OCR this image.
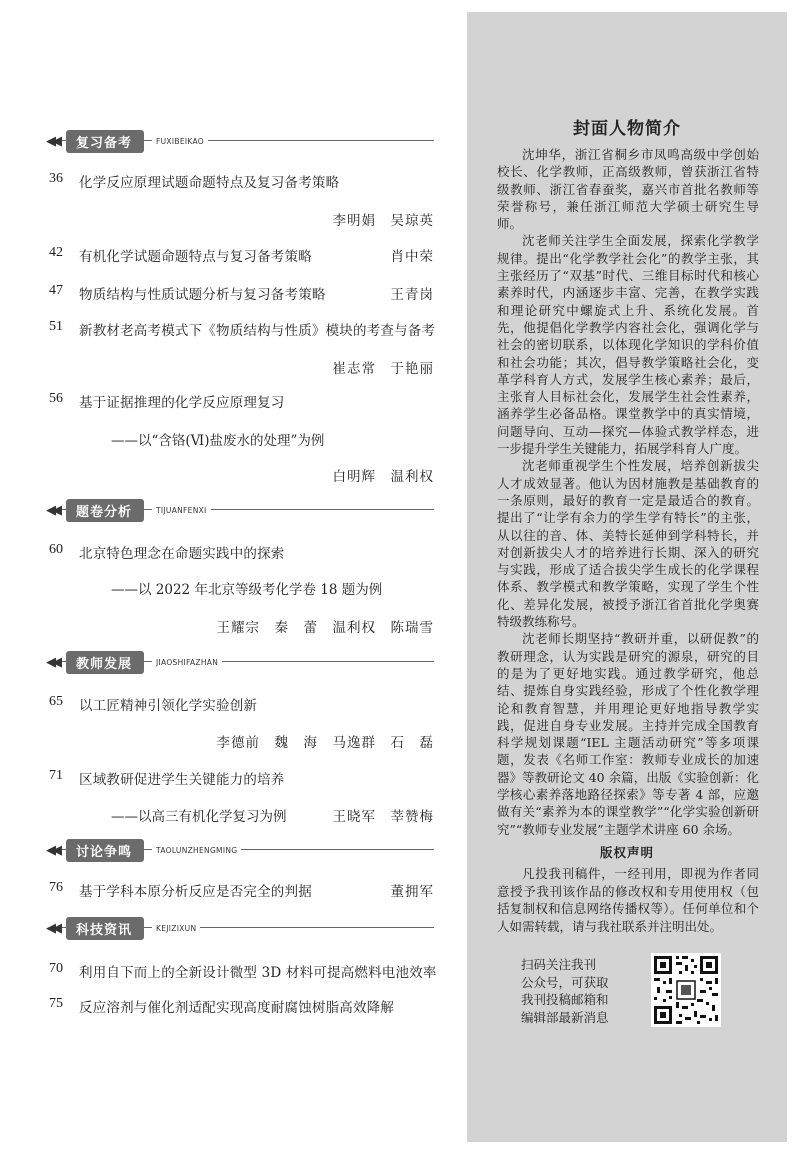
◀◀	复习备考	FUXIBEIKAO
36 化学反应原理试题命题特点及复习备考策略
李明娟　吴琼英
42 有机化学试题命题特点与复习备考策略	肖中荣
47 物质结构与性质试题分析与复习备考策略	王青岗
51 新教材老高考模式下《物质结构与性质》模块的考查与备考
崔志常　于艳丽
56 基于证据推理的化学反应原理复习
——以“含铬(Ⅵ)盐废水的处理”为例
白明辉　温利权
◀◀	题卷分析	TIJUANFENXI
60 北京特色理念在命题实践中的探索
——以 2022 年北京等级考化学卷 18 题为例
王耀宗　秦　蕾　温利权　陈瑞雪
◀◀	教师发展	JIAOSHIFAZHAN
65 以工匠精神引领化学实验创新
李德前　魏　海　马逸群　石　磊
71 区域教研促进学生关键能力的培养
——以高三有机化学复习为例	王晓军　莘赞梅
◀◀	讨论争鸣	TAOLUNZHENGMING
76 基于学科本原分析反应是否完全的判据	董拥军
◀◀	科技资讯	KEJIZIXUN
70 利用自下而上的全新设计微型 3D 材料可提高燃料电池效率
75 反应溶剂与催化剂适配实现高度耐腐蚀树脂高效降解
封面人物简介

沈坤华，浙江省桐乡市凤鸣高级中学创始校长、化学教师，正高级教师，曾获浙江省特级教师、浙江省春蚕奖，嘉兴市首批名教师等荣誉称号，兼任浙江师范大学硕士研究生导师。

沈老师关注学生全面发展，探索化学教学规律。提出“化学教学社会化”的教学主张，其主张经历了“双基”时代、三维目标时代和核心素养时代，内涵逐步丰富、完善，在教学实践和理论研究中螺旋式上升、系统化发展。首先，他提倡化学教学内容社会化，强调化学与社会的密切联系，以体现化学知识的学科价值和社会功能；其次，倡导教学策略社会化，变革学科育人方式，发展学生核心素养；最后，主张育人目标社会化，发展学生社会性素养，涵养学生必备品格。课堂教学中的真实情境，问题导向、互动—探究—体验式教学样态，进一步提升学生关键能力，拓展学科育人广度。

沈老师重视学生个性发展，培养创新拔尖人才成效显著。他认为因材施教是基础教育的一条原则，最好的教育一定是最适合的教育。提出了“让学有余力的学生学有特长”的主张，从以往的音、体、美特长延伸到学科特长，并对创新拔尖人才的培养进行长期、深入的研究与实践，形成了适合拔尖学生成长的化学课程体系、教学模式和教学策略，实现了学生个性化、差异化发展，被授予浙江省首批化学奥赛特级教练称号。

沈老师长期坚持“教研并重，以研促教”的教研理念，认为实践是研究的源泉，研究的目的是为了更好地实践。通过教学研究，他总结、提炼自身实践经验，形成了个性化教学理论和教育智慧，并用理论更好地指导教学实践，促进自身专业发展。主持并完成全国教育科学规划课题“IEL 主题活动研究”等多项课题，发表《名师工作室：教师专业成长的加速器》等教研论文 40 余篇，出版《实验创新：化学核心素养落地路径探索》等专著 4 部，应邀做有关“素养为本的课堂教学”“化学实验创新研究”“教师专业发展”主题学术讲座 60 余场。

版权声明

凡投我刊稿件，一经刊用，即视为作者同意授予我刊该作品的修改权和专用使用权（包括复制权和信息网络传播权等）。任何单位和个人如需转载，请与我社联系并注明出处。

扫码关注我刊
公众号，可获取
我刊投稿邮箱和
编辑部最新消息
